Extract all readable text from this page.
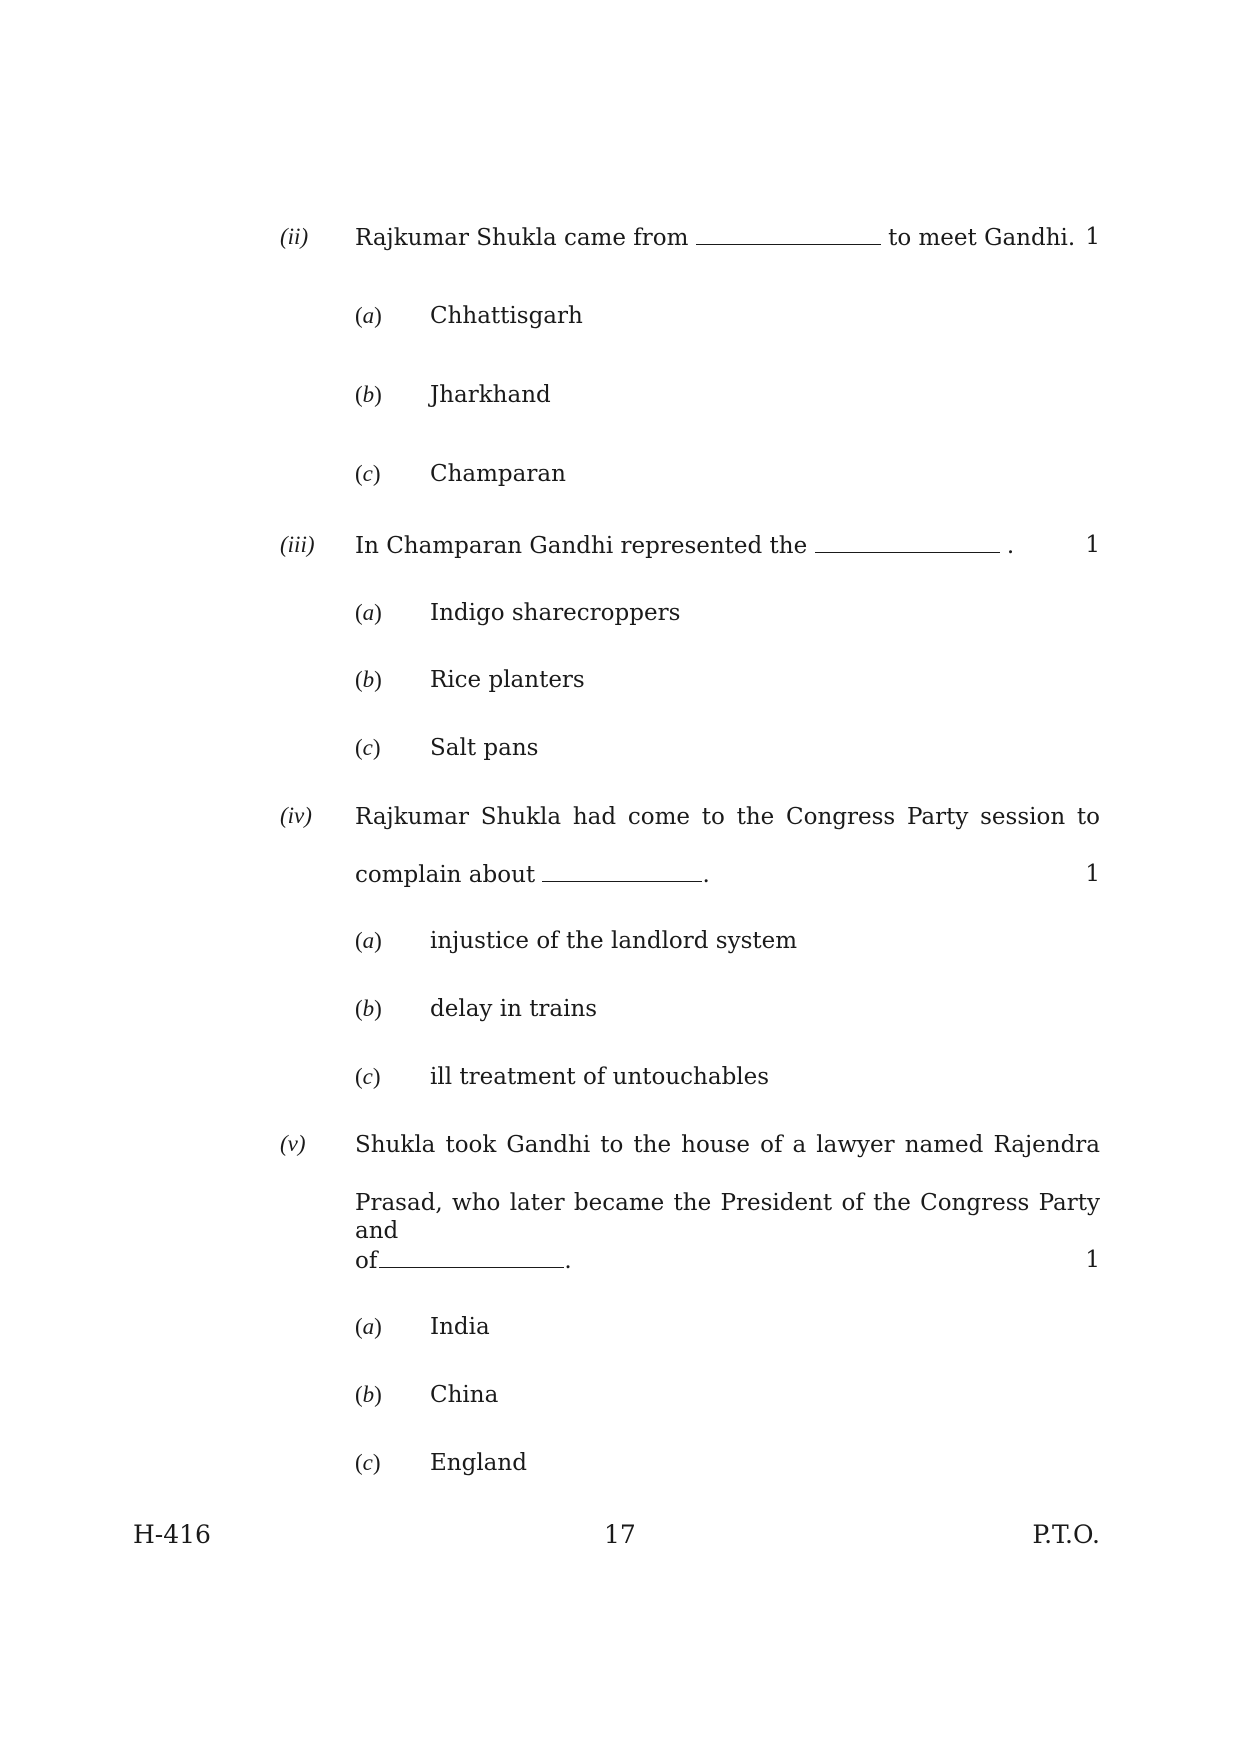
(ii) Rajkumar Shukla came from	to meet Gandhi. 1
(a) Chhattisgarh
(b) Jharkhand
(c) Champaran
(iii) In Champaran Gandhi represented the	.	1
(a) Indigo sharecroppers
(b) Rice planters
(c) Salt pans
(iv) Rajkumar Shukla had come to the Congress Party session to
complain about	.	1
(a) injustice of the landlord system
(b) delay in trains
(c) ill treatment of untouchables
(v) Shukla took Gandhi to the house of a lawyer named Rajendra
Prasad, who later became the President of the Congress Party and
of	.	1
(a) India
(b) China
(c) England
H-416	17	P.T.O.
